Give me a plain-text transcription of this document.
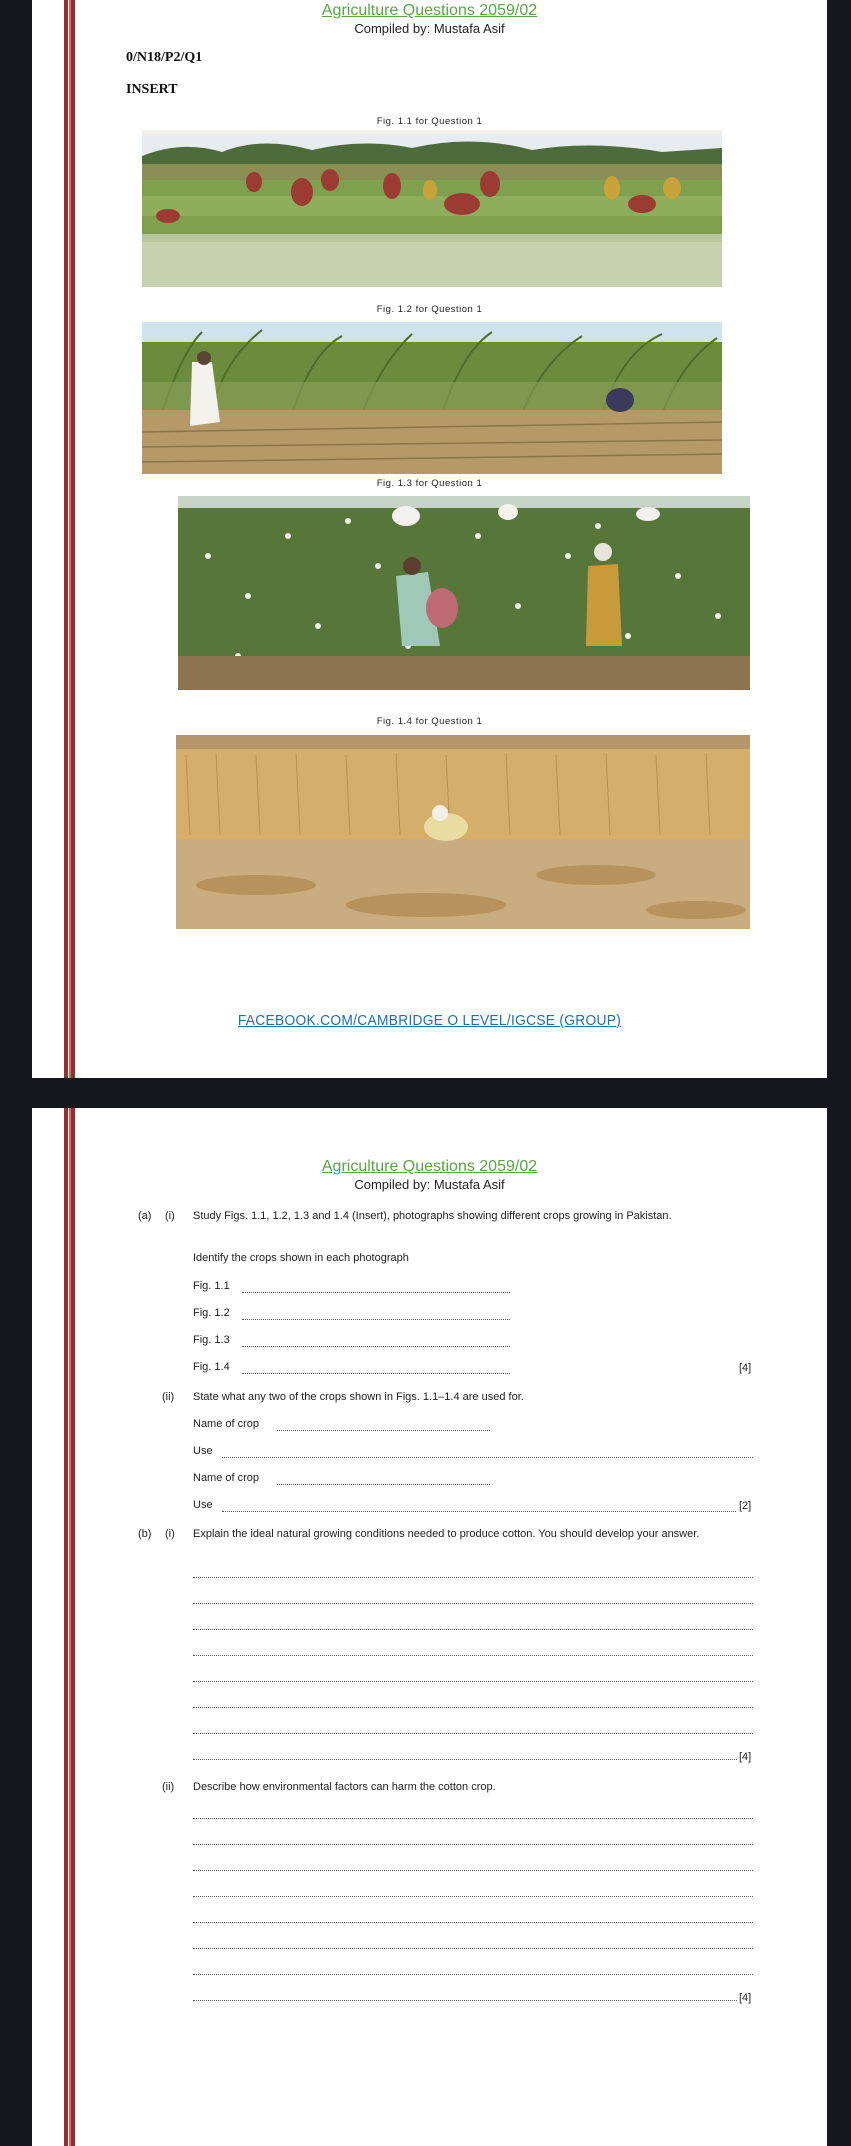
Agriculture Questions 2059/02
Compiled by: Mustafa Asif
0/N18/P2/Q1
INSERT
Fig. 1.1 for Question 1
Fig. 1.2 for Question 1
Fig. 1.3 for Question 1
Fig. 1.4 for Question 1
FACEBOOK.COM/CAMBRIDGE O LEVEL/IGCSE (GROUP)
Agriculture Questions 2059/02
Compiled by: Mustafa Asif
(a) (i) Study Figs. 1.1, 1.2, 1.3 and 1.4 (Insert), photographs showing different crops growing in Pakistan.
Identify the crops shown in each photograph
Fig. 1.1
Fig. 1.2
Fig. 1.3
Fig. 1.4	[4]
(ii) State what any two of the crops shown in Figs. 1.1–1.4 are used for.
Name of crop
Use
Name of crop
Use	[2]
(b) (i) Explain the ideal natural growing conditions needed to produce cotton. You should develop your answer.
[4]
(ii) Describe how environmental factors can harm the cotton crop.
[4]
